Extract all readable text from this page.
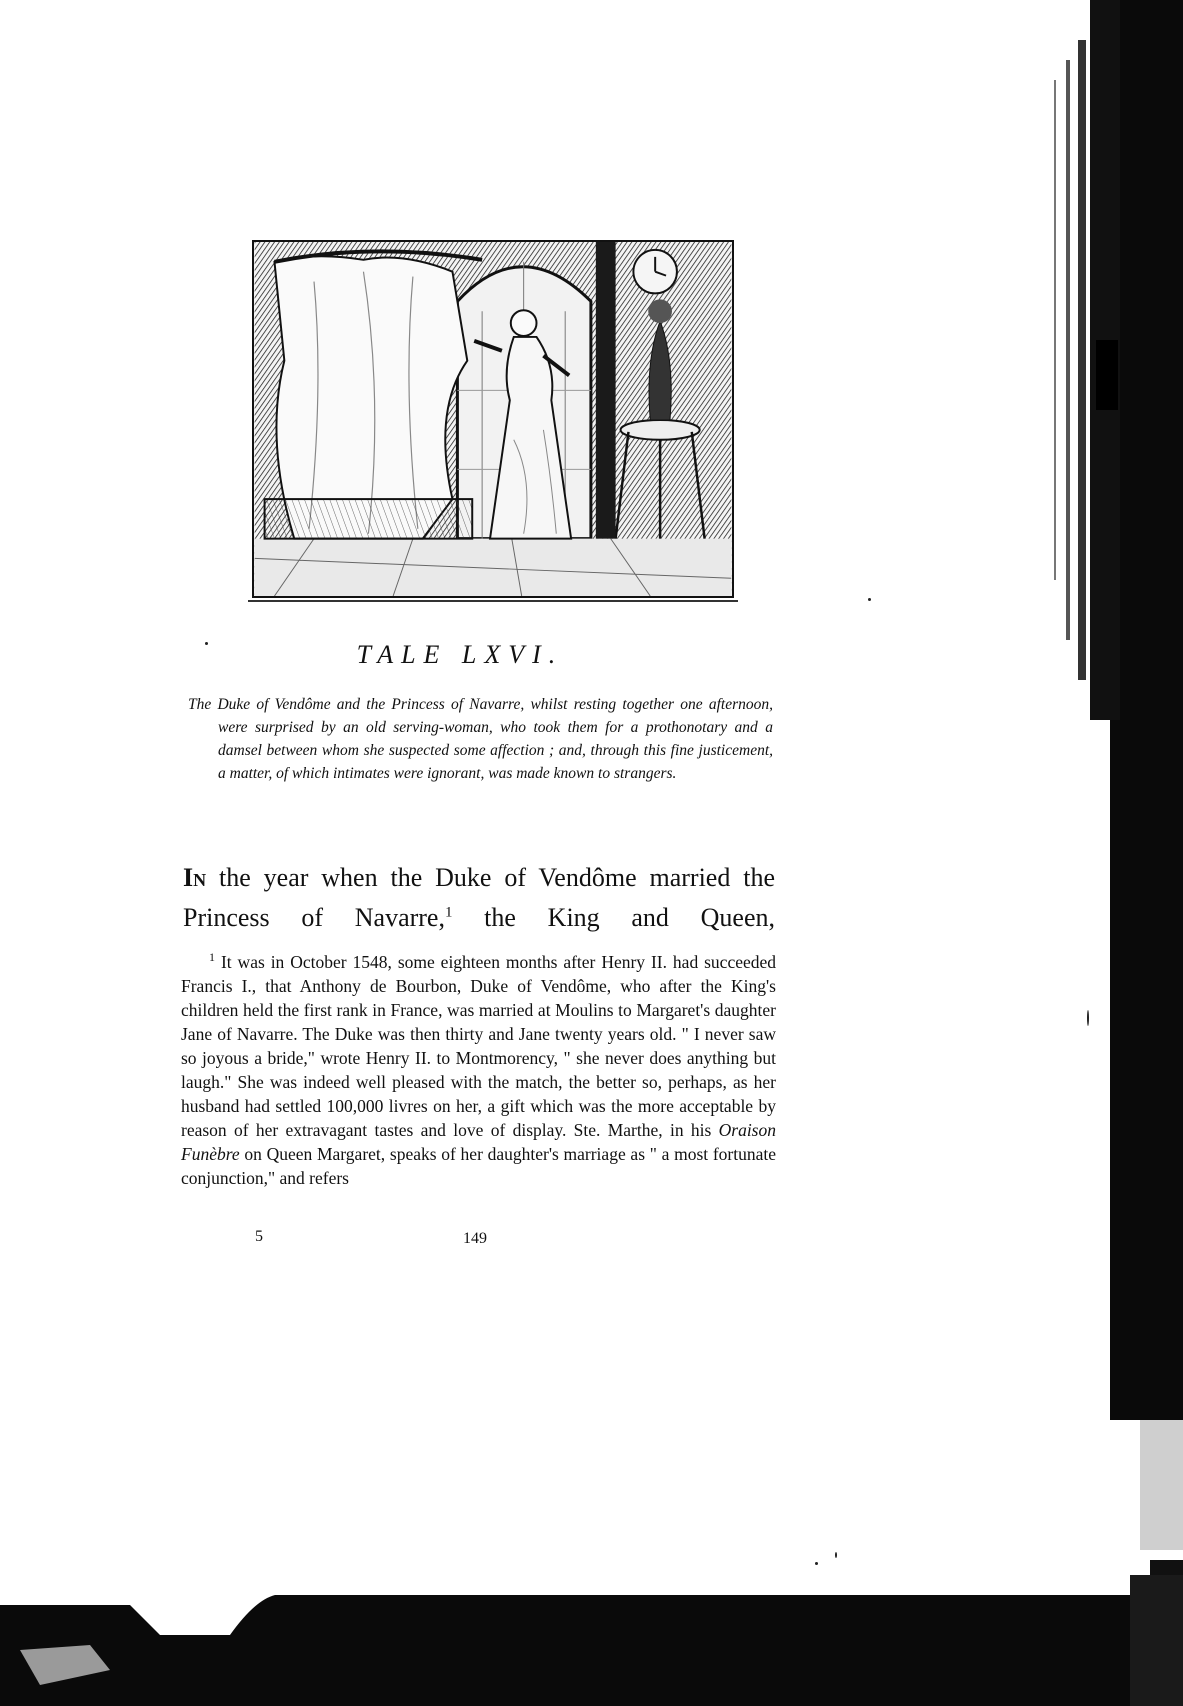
TALE LXVI.

The Duke of Vendôme and the Princess of Navarre, whilst resting together one afternoon, were surprised by an old serving-woman, who took them for a prothonotary and a damsel between whom she suspected some affection ; and, through this fine justicement, a matter, of which intimates were ignorant, was made known to strangers.

In the year when the Duke of Vendôme married the Princess of Navarre,$^1$ the King and Queen,

$^1$ It was in October 1548, some eighteen months after Henry II. had succeeded Francis I., that Anthony de Bourbon, Duke of Vendôme, who after the King's children held the first rank in France, was married at Moulins to Margaret's daughter Jane of Navarre. The Duke was then thirty and Jane twenty years old. " I never saw so joyous a bride," wrote Henry II. to Montmorency, " she never does anything but laugh." She was indeed well pleased with the match, the better so, perhaps, as her husband had settled 100,000 livres on her, a gift which was the more acceptable by reason of her extravagant tastes and love of display. Ste. Marthe, in his Oraison Funèbre on Queen Margaret, speaks of her daughter's marriage as " a most fortunate conjunction," and refers

5	149
